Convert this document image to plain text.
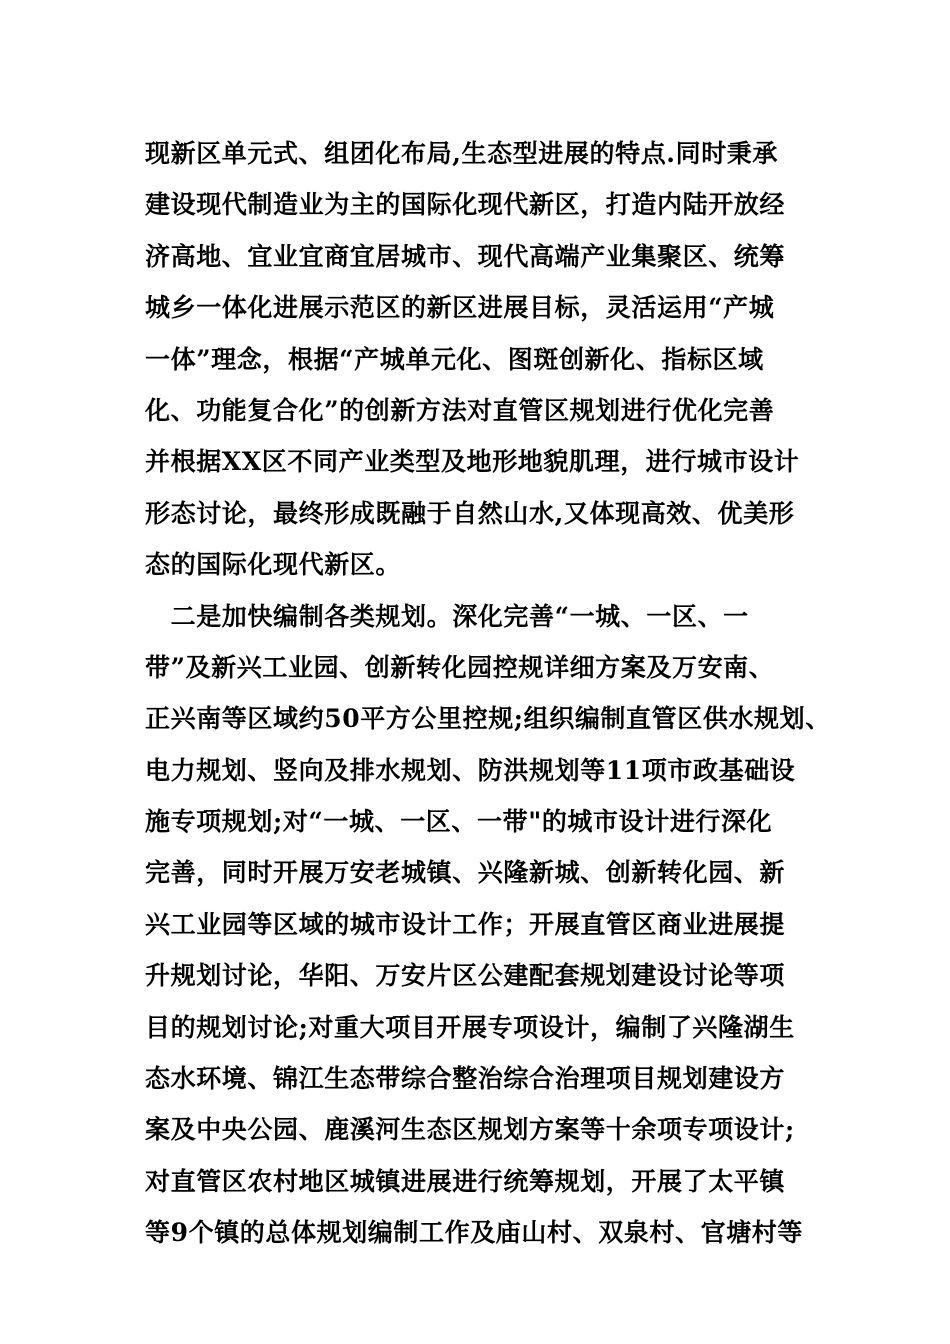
现新区单元式、组团化布局,生态型进展的特点.同时秉承
建设现代制造业为主的国际化现代新区，打造内陆开放经
济高地、宜业宜商宜居城市、现代高端产业集聚区、统筹
城乡一体化进展示范区的新区进展目标，灵活运用“产城
一体”理念，根据“产城单元化、图斑创新化、指标区域
化、功能复合化”的创新方法对直管区规划进行优化完善
并根据XX区不同产业类型及地形地貌肌理，进行城市设计
形态讨论，最终形成既融于自然山水,又体现高效、优美形
态的国际化现代新区。
　二是加快编制各类规划。深化完善“一城、一区、一
带”及新兴工业园、创新转化园控规详细方案及万安南、
正兴南等区域约50平方公里控规;组织编制直管区供水规划、
电力规划、竖向及排水规划、防洪规划等11项市政基础设
施专项规划;对“一城、一区、一带"的城市设计进行深化
完善，同时开展万安老城镇、兴隆新城、创新转化园、新
兴工业园等区域的城市设计工作；开展直管区商业进展提
升规划讨论，华阳、万安片区公建配套规划建设讨论等项
目的规划讨论;对重大项目开展专项设计，编制了兴隆湖生
态水环境、锦江生态带综合整治综合治理项目规划建设方
案及中央公园、鹿溪河生态区规划方案等十余项专项设计;
对直管区农村地区城镇进展进行统筹规划，开展了太平镇
等9个镇的总体规划编制工作及庙山村、双泉村、官塘村等
